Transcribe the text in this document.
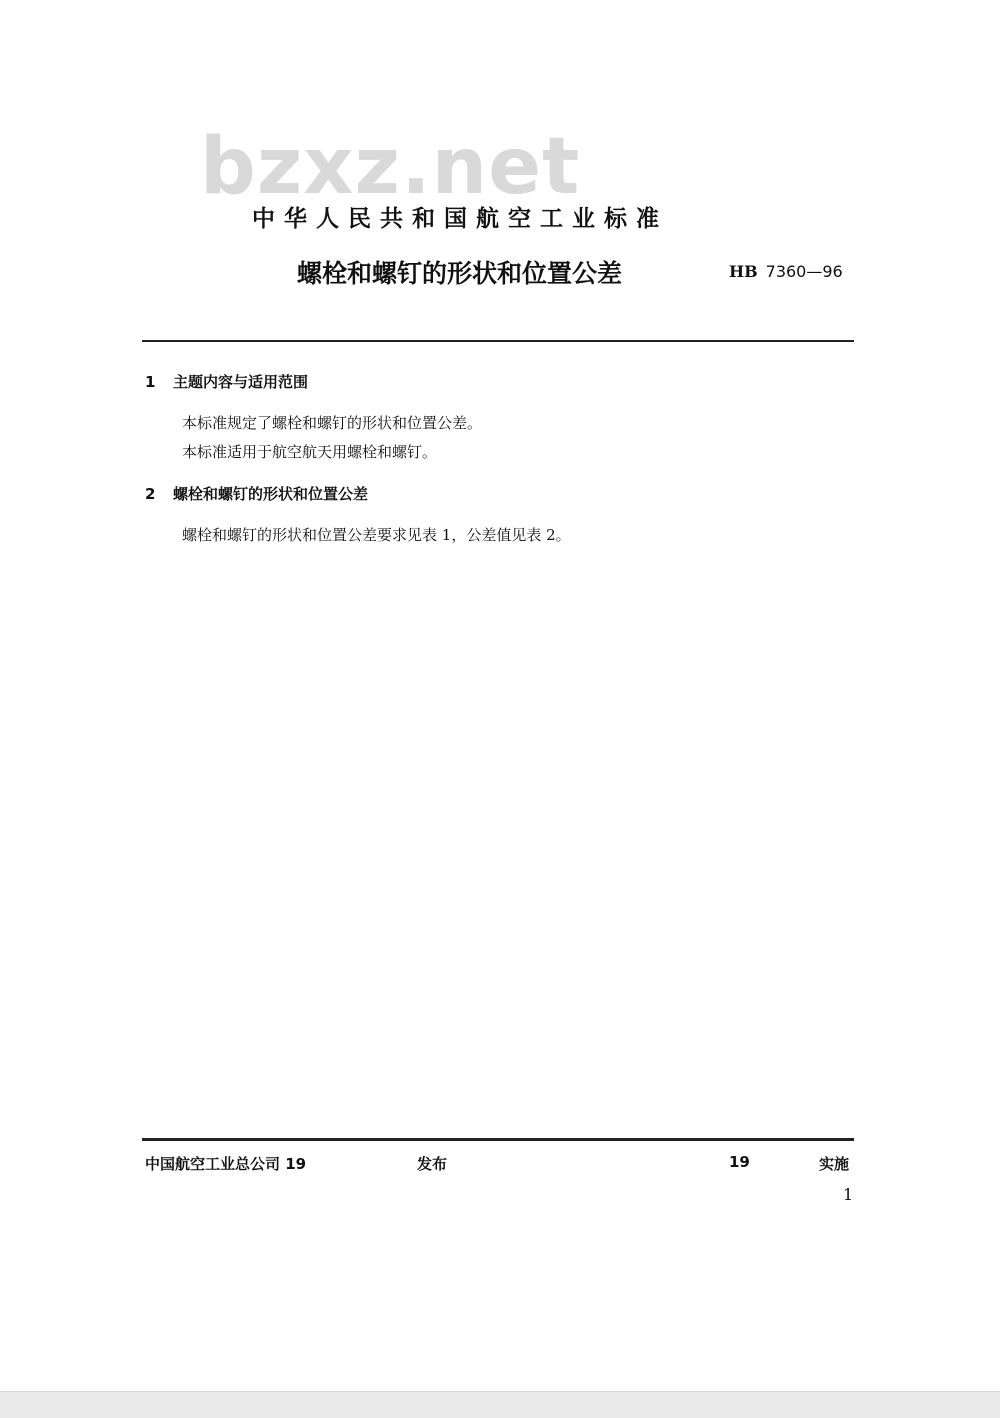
bzxz.net
中华人民共和国航空工业标准
螺栓和螺钉的形状和位置公差	HB 7360—96
1 主题内容与适用范围
本标准规定了螺栓和螺钉的形状和位置公差。
本标准适用于航空航天用螺栓和螺钉。
2 螺栓和螺钉的形状和位置公差
螺栓和螺钉的形状和位置公差要求见表 1，公差值见表 2。
中国航空工业总公司 19	发布	19	实施
1
